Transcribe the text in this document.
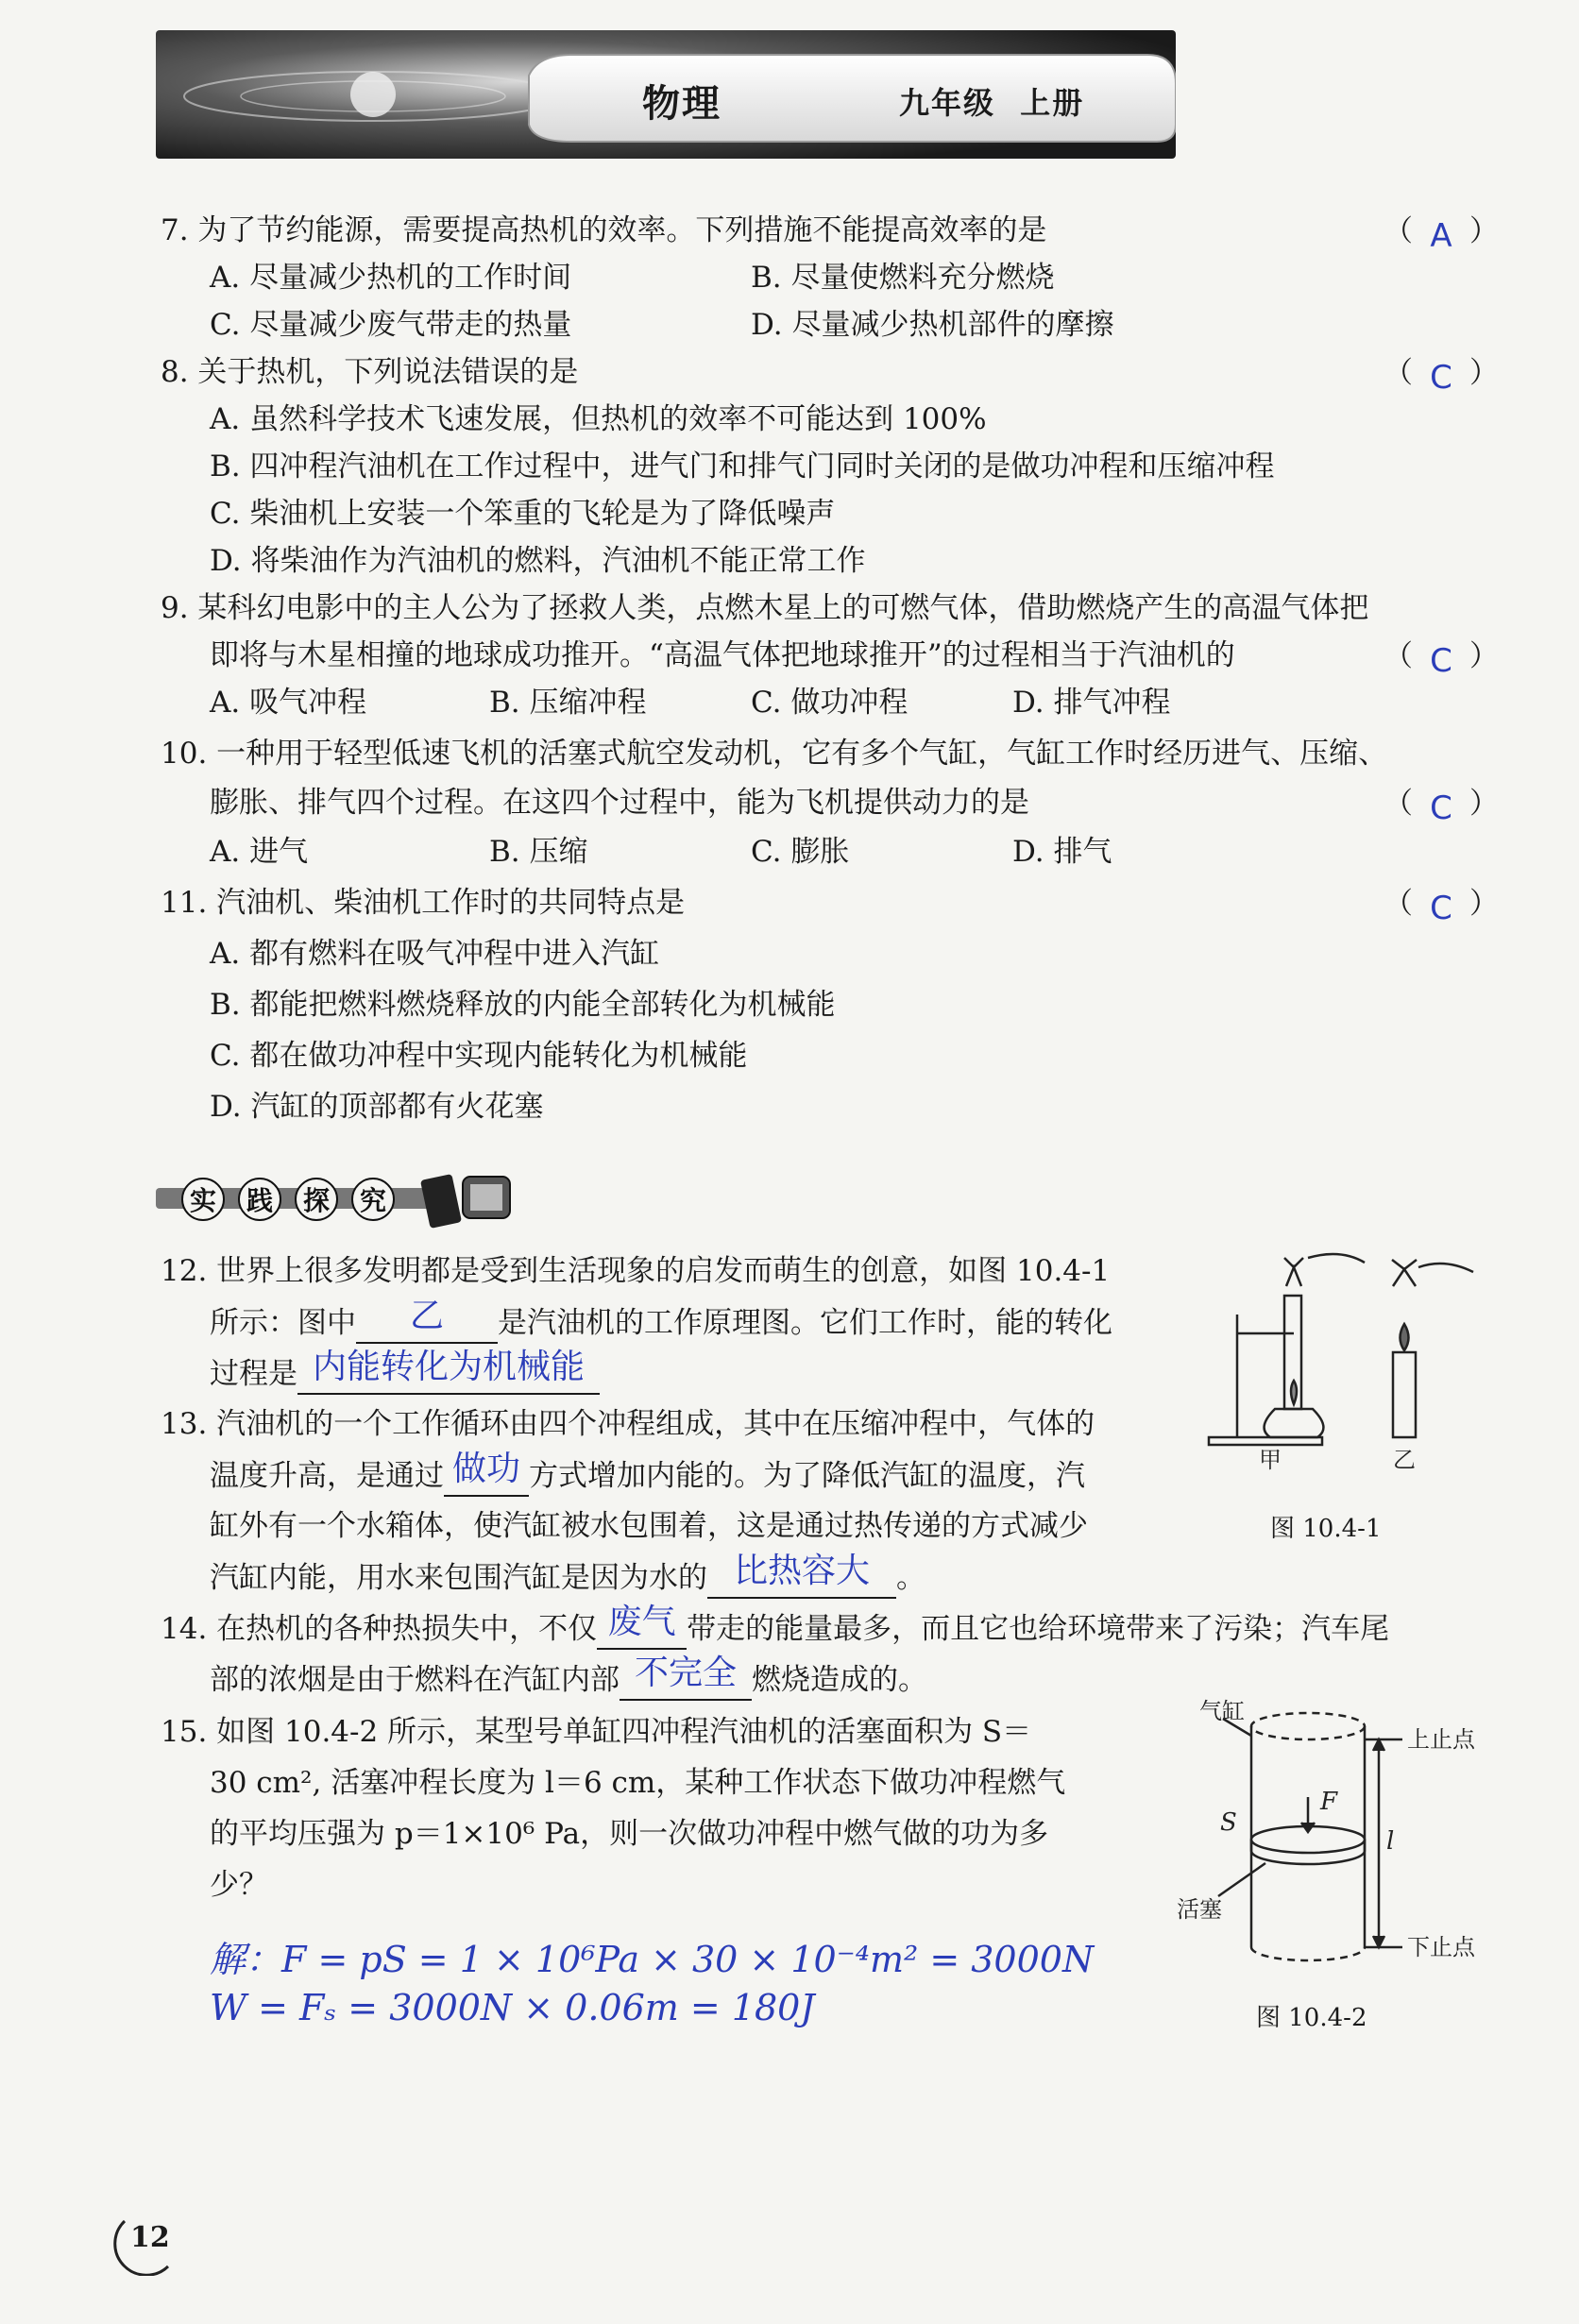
物理	九年级 上册
7. 为了节约能源，需要提高热机的效率。下列措施不能提高效率的是	（ A ）
A. 尽量减少热机的工作时间	B. 尽量使燃料充分燃烧
C. 尽量减少废气带走的热量	D. 尽量减少热机部件的摩擦
8. 关于热机，下列说法错误的是	（ C ）
A. 虽然科学技术飞速发展，但热机的效率不可能达到 100%
B. 四冲程汽油机在工作过程中，进气门和排气门同时关闭的是做功冲程和压缩冲程
C. 柴油机上安装一个笨重的飞轮是为了降低噪声
D. 将柴油作为汽油机的燃料，汽油机不能正常工作
9. 某科幻电影中的主人公为了拯救人类，点燃木星上的可燃气体，借助燃烧产生的高温气体把
即将与木星相撞的地球成功推开。“高温气体把地球推开”的过程相当于汽油机的	（ C ）
A. 吸气冲程	B. 压缩冲程	C. 做功冲程	D. 排气冲程
10. 一种用于轻型低速飞机的活塞式航空发动机，它有多个气缸，气缸工作时经历进气、压缩、
膨胀、排气四个过程。在这四个过程中，能为飞机提供动力的是	（ C ）
A. 进气	B. 压缩	C. 膨胀	D. 排气
11. 汽油机、柴油机工作时的共同特点是	（ C ）
A. 都有燃料在吸气冲程中进入汽缸
B. 都能把燃料燃烧释放的内能全部转化为机械能
C. 都在做功冲程中实现内能转化为机械能
D. 汽缸的顶部都有火花塞
实 践 探 究
12. 世界上很多发明都是受到生活现象的启发而萌生的创意，如图 10.4-1
所示：图中 乙 是汽油机的工作原理图。它们工作时，能的转化
过程是 内能转化为机械能
甲	乙
图 10.4-1
13. 汽油机的一个工作循环由四个冲程组成，其中在压缩冲程中，气体的
温度升高，是通过 做功 方式增加内能的。为了降低汽缸的温度，汽
缸外有一个水箱体，使汽缸被水包围着，这是通过热传递的方式减少
汽缸内能，用水来包围汽缸是因为水的 比热容大 。
14. 在热机的各种热损失中，不仅 废气 带走的能量最多，而且它也给环境带来了污染；汽车尾
部的浓烟是由于燃料在汽缸内部 不完全 燃烧造成的。
15. 如图 10.4-2 所示，某型号单缸四冲程汽油机的活塞面积为 S＝
30 cm², 活塞冲程长度为 l＝6 cm，某种工作状态下做功冲程燃气
的平均压强为 p＝1×10⁶ Pa，则一次做功冲程中燃气做的功为多
少？
解：F = pS = 1 × 10⁶Pa × 30 × 10⁻⁴m² = 3000N
W = Fₛ = 3000N × 0.06m = 180J
气缸
活塞
上止点
下止点
S
F
l
图 10.4-2
12
